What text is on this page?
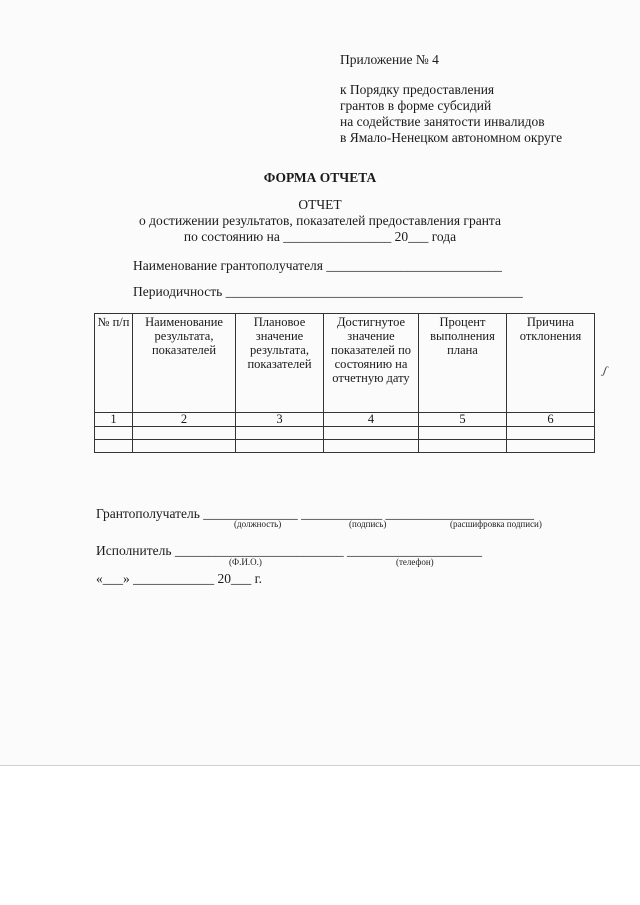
Приложение № 4
к Порядку предоставления
грантов в форме субсидий
на содействие занятости инвалидов
в Ямало-Ненецком автономном округе
ФОРМА ОТЧЕТА
ОТЧЕТ
о достижении результатов, показателей предоставления гранта
по состоянию на ________________ 20___ года
Наименование грантополучателя __________________________
Периодичность ____________________________________________
№ п/п	Наименование результата, показателей	Плановое значение результата, показателей	Достигнутое значение показателей по состоянию на отчетную дату	Процент выполнения плана	Причина отклонения
1	2	3	4	5	6

ʃ
Грантополучатель ______________ ____________ ______________________
(должность)	(подпись)	(расшифровка подписи)
Исполнитель _________________________ ____________________
(Ф.И.О.)	(телефон)
«___» ____________ 20___ г.
